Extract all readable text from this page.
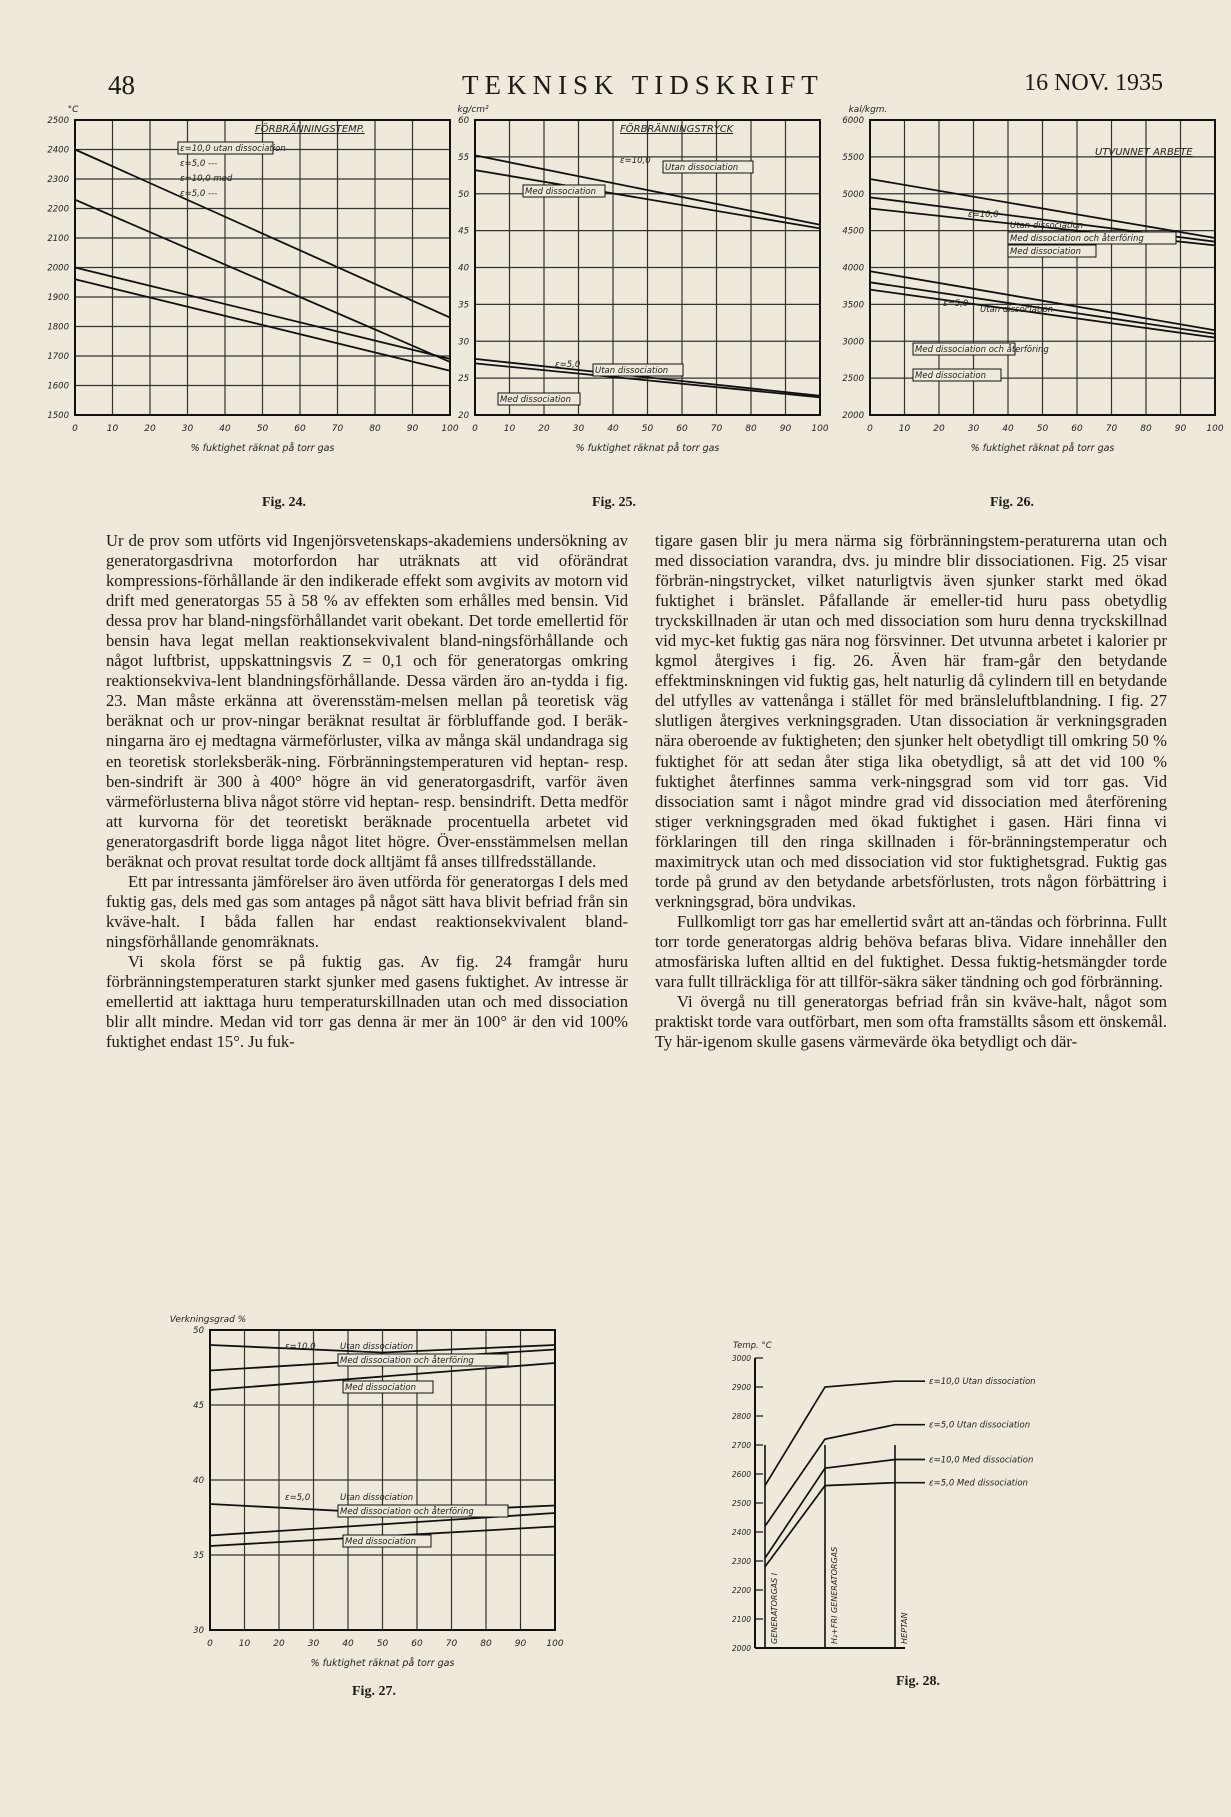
48	TEKNISK TIDSKRIFT	16 NOV. 1935
0	10	20	30	40	50	60	70	80	90	100
1500
1600
1700
1800
1900
2000
2100
2200
2300
2400
2500
FÖRBRÄNNINGSTEMP.
°C
% fuktighet räknat på torr gas
ε=10,0 utan dissociation
ε=5,0 ---
ε=10,0 med ---
ε=5,0 ---
Fig. 24.
0	10	20	30	40	50	60	70	80	90 100
20
25
30
35
40
45
50
55
60
FÖRBRÄNNINGSTRYCK
kg/cm²
% fuktighet räknat på torr gas
ε=10,0
Utan dissociation
Med dissociation
ε=5,0
Utan dissociation
Med dissociation
Fig. 25.
0	10	20	30	40	50	60	70	80	90 100
2000
2500
3000
3500
4000
4500
5000
5500
6000
UTVUNNET ARBETE
kal/kgm.
% fuktighet räknat på torr gas
ε=10,0
Utan dissociation
Med dissociation och återföring
Med dissociation
ε=5,0
Utan dissociation
Med dissociation och återföring
Med dissociation
Fig. 26.

Ur de prov som utförts vid Ingenjörsvetenskaps-akademiens undersökning av generatorgasdrivna motorfordon har uträknats att vid oförändrat kompressions-förhållande är den indikerade effekt som avgivits av motorn vid drift med generatorgas 55 à 58 % av effekten som erhålles med bensin. Vid dessa prov har bland-ningsförhållandet varit obekant. Det torde emellertid för bensin hava legat mellan reaktionsekvivalent bland-ningsförhållande och något luftbrist, uppskattningsvis Z = 0,1 och för generatorgas omkring reaktionsekviva-lent blandningsförhållande. Dessa värden äro an-tydda i fig. 23. Man måste erkänna att överensstäm-melsen mellan på teoretisk väg beräknat och ur prov-ningar beräknat resultat är förbluffande god. I beräk-ningarna äro ej medtagna värmeförluster, vilka av många skäl undandraga sig en teoretisk storleksberäk-ning. Förbränningstemperaturen vid heptan- resp. ben-sindrift är 300 à 400° högre än vid generatorgasdrift, varför även värmeförlusterna bliva något större vid heptan- resp. bensindrift. Detta medför att kurvorna för det teoretiskt beräknade procentuella arbetet vid generatorgasdrift borde ligga något litet högre. Över-ensstämmelsen mellan beräknat och provat resultat torde dock alltjämt få anses tillfredsställande.

Ett par intressanta jämförelser äro även utförda för generatorgas I dels med fuktig gas, dels med gas som antages på något sätt hava blivit befriad från sin kväve-halt. I båda fallen har endast reaktionsekvivalent bland-ningsförhållande genomräknats.

Vi skola först se på fuktig gas. Av fig. 24 framgår huru förbränningstemperaturen starkt sjunker med gasens fuktighet. Av intresse är emellertid att iakttaga huru temperaturskillnaden utan och med dissociation blir allt mindre. Medan vid torr gas denna är mer än 100° är den vid 100% fuktighet endast 15°. Ju fuk-

tigare gasen blir ju mera närma sig förbränningstem-peraturerna utan och med dissociation varandra, dvs. ju mindre blir dissociationen. Fig. 25 visar förbrän-ningstrycket, vilket naturligtvis även sjunker starkt med ökad fuktighet i bränslet. Påfallande är emeller-tid huru pass obetydlig tryckskillnaden är utan och med dissociation som huru denna tryckskillnad vid myc-ket fuktig gas nära nog försvinner. Det utvunna arbetet i kalorier pr kgmol återgives i fig. 26. Även här fram-går den betydande effektminskningen vid fuktig gas, helt naturlig då cylindern till en betydande del utfylles av vattenånga i stället för med bränsleluftblandning. I fig. 27 slutligen återgives verkningsgraden. Utan dissociation är verkningsgraden nära oberoende av fuktigheten; den sjunker helt obetydligt till omkring 50 % fuktighet för att sedan åter stiga lika obetydligt, så att det vid 100 % fuktighet återfinnes samma verk-ningsgrad som vid torr gas. Vid dissociation samt i något mindre grad vid dissociation med återförening stiger verkningsgraden med ökad fuktighet i gasen. Häri finna vi förklaringen till den ringa skillnaden i för-bränningstemperatur och maximitryck utan och med dissociation vid stor fuktighetsgrad. Fuktig gas torde på grund av den betydande arbetsförlusten, trots någon förbättring i verkningsgrad, böra undvikas.

Fullkomligt torr gas har emellertid svårt att an-tändas och förbrinna. Fullt torr torde generatorgas aldrig behöva befaras bliva. Vidare innehåller den atmosfäriska luften alltid en del fuktighet. Dessa fuktig-hetsmängder torde vara fullt tillräckliga för att tillför-säkra säker tändning och god förbränning.

Vi övergå nu till generatorgas befriad från sin kväve-halt, något som praktiskt torde vara outförbart, men som ofta framställts såsom ett önskemål. Ty här-igenom skulle gasens värmevärde öka betydligt och där-

0	10	20	30	40	50	60	70	80	90 100
30
35
40
45
50
Verkningsgrad %
% fuktighet räknat på torr gas
ε=10,0	Utan dissociation
Med dissociation och återföring
Med dissociation
ε=5,0	Utan dissociation
Med dissociation och återföring
Med dissociation
Fig. 27.
2000
2100
2200
2300
2400
2500
2600
2700
2800
2900
3000
GENERATORGAS I	H₂+FRI GENERATORGAS	HEPTAN
Temp. °C
ε=10,0 Utan dissociation
ε=5,0 Utan dissociation
ε=10,0 Med dissociation
ε=5,0 Med dissociation
Fig. 28.
